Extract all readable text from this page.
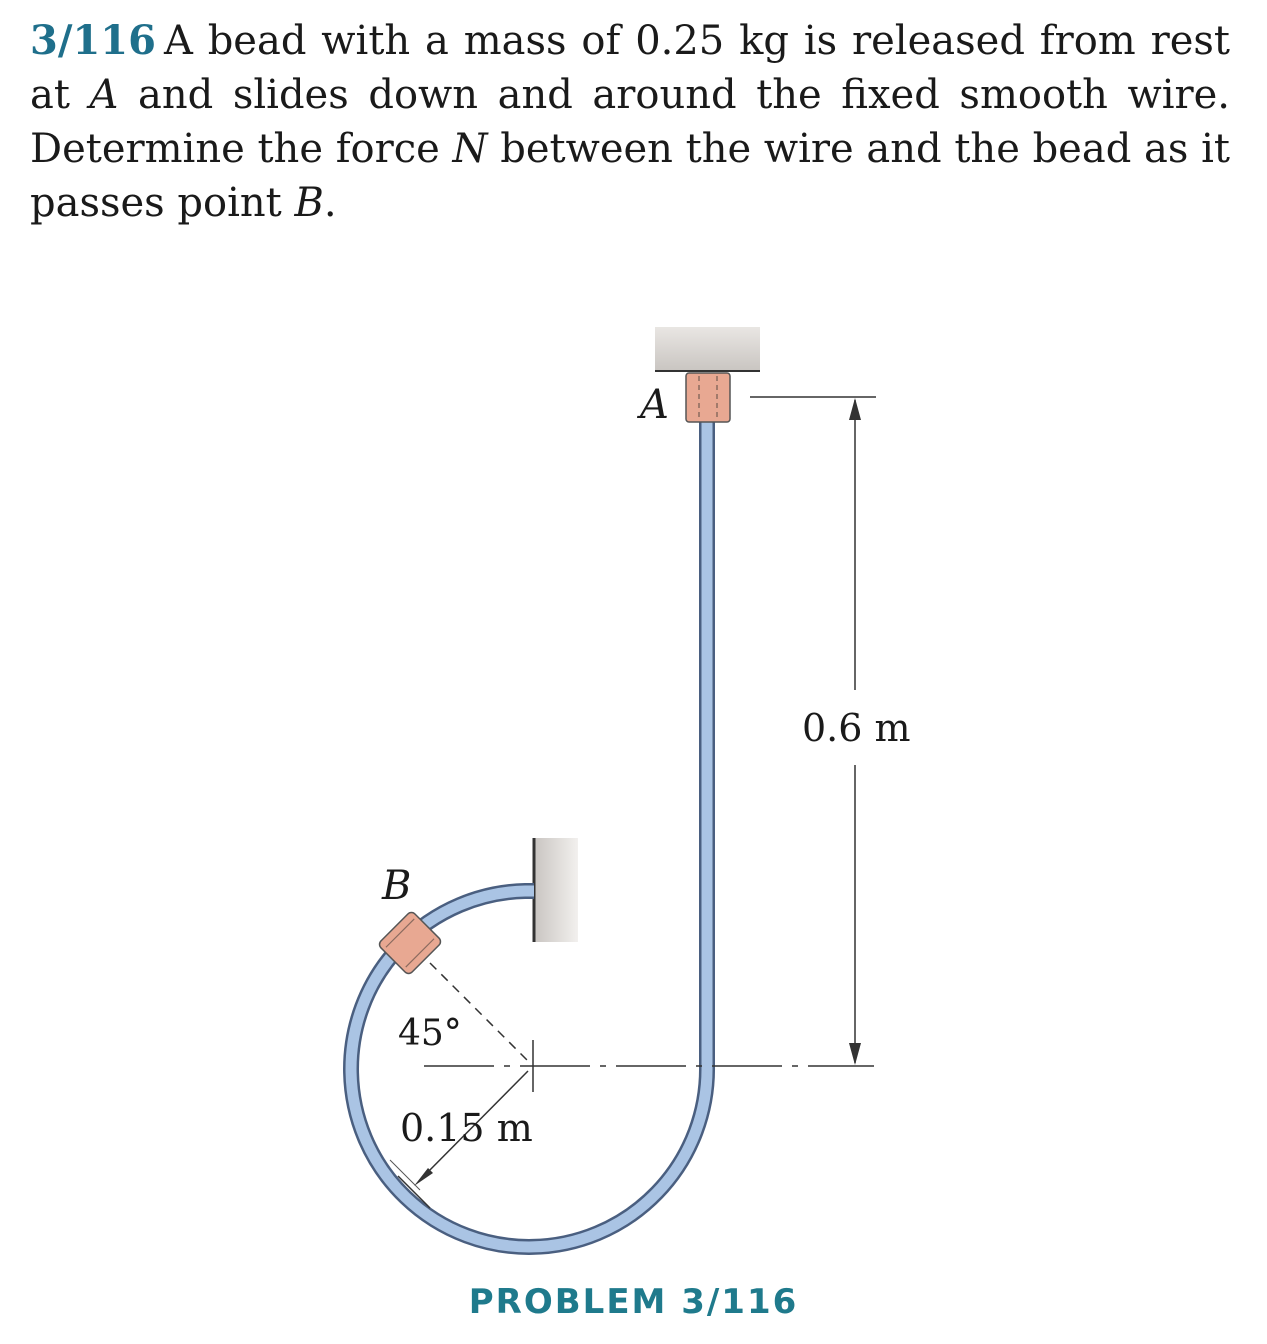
3/116 A bead with a mass of 0.25 kg is released from rest at A and slides down and around the fixed smooth wire. Determine the force N between the wire and the bead as it passes point B.
A
B
45°
0.15 m
0.6 m
PROBLEM 3/116
